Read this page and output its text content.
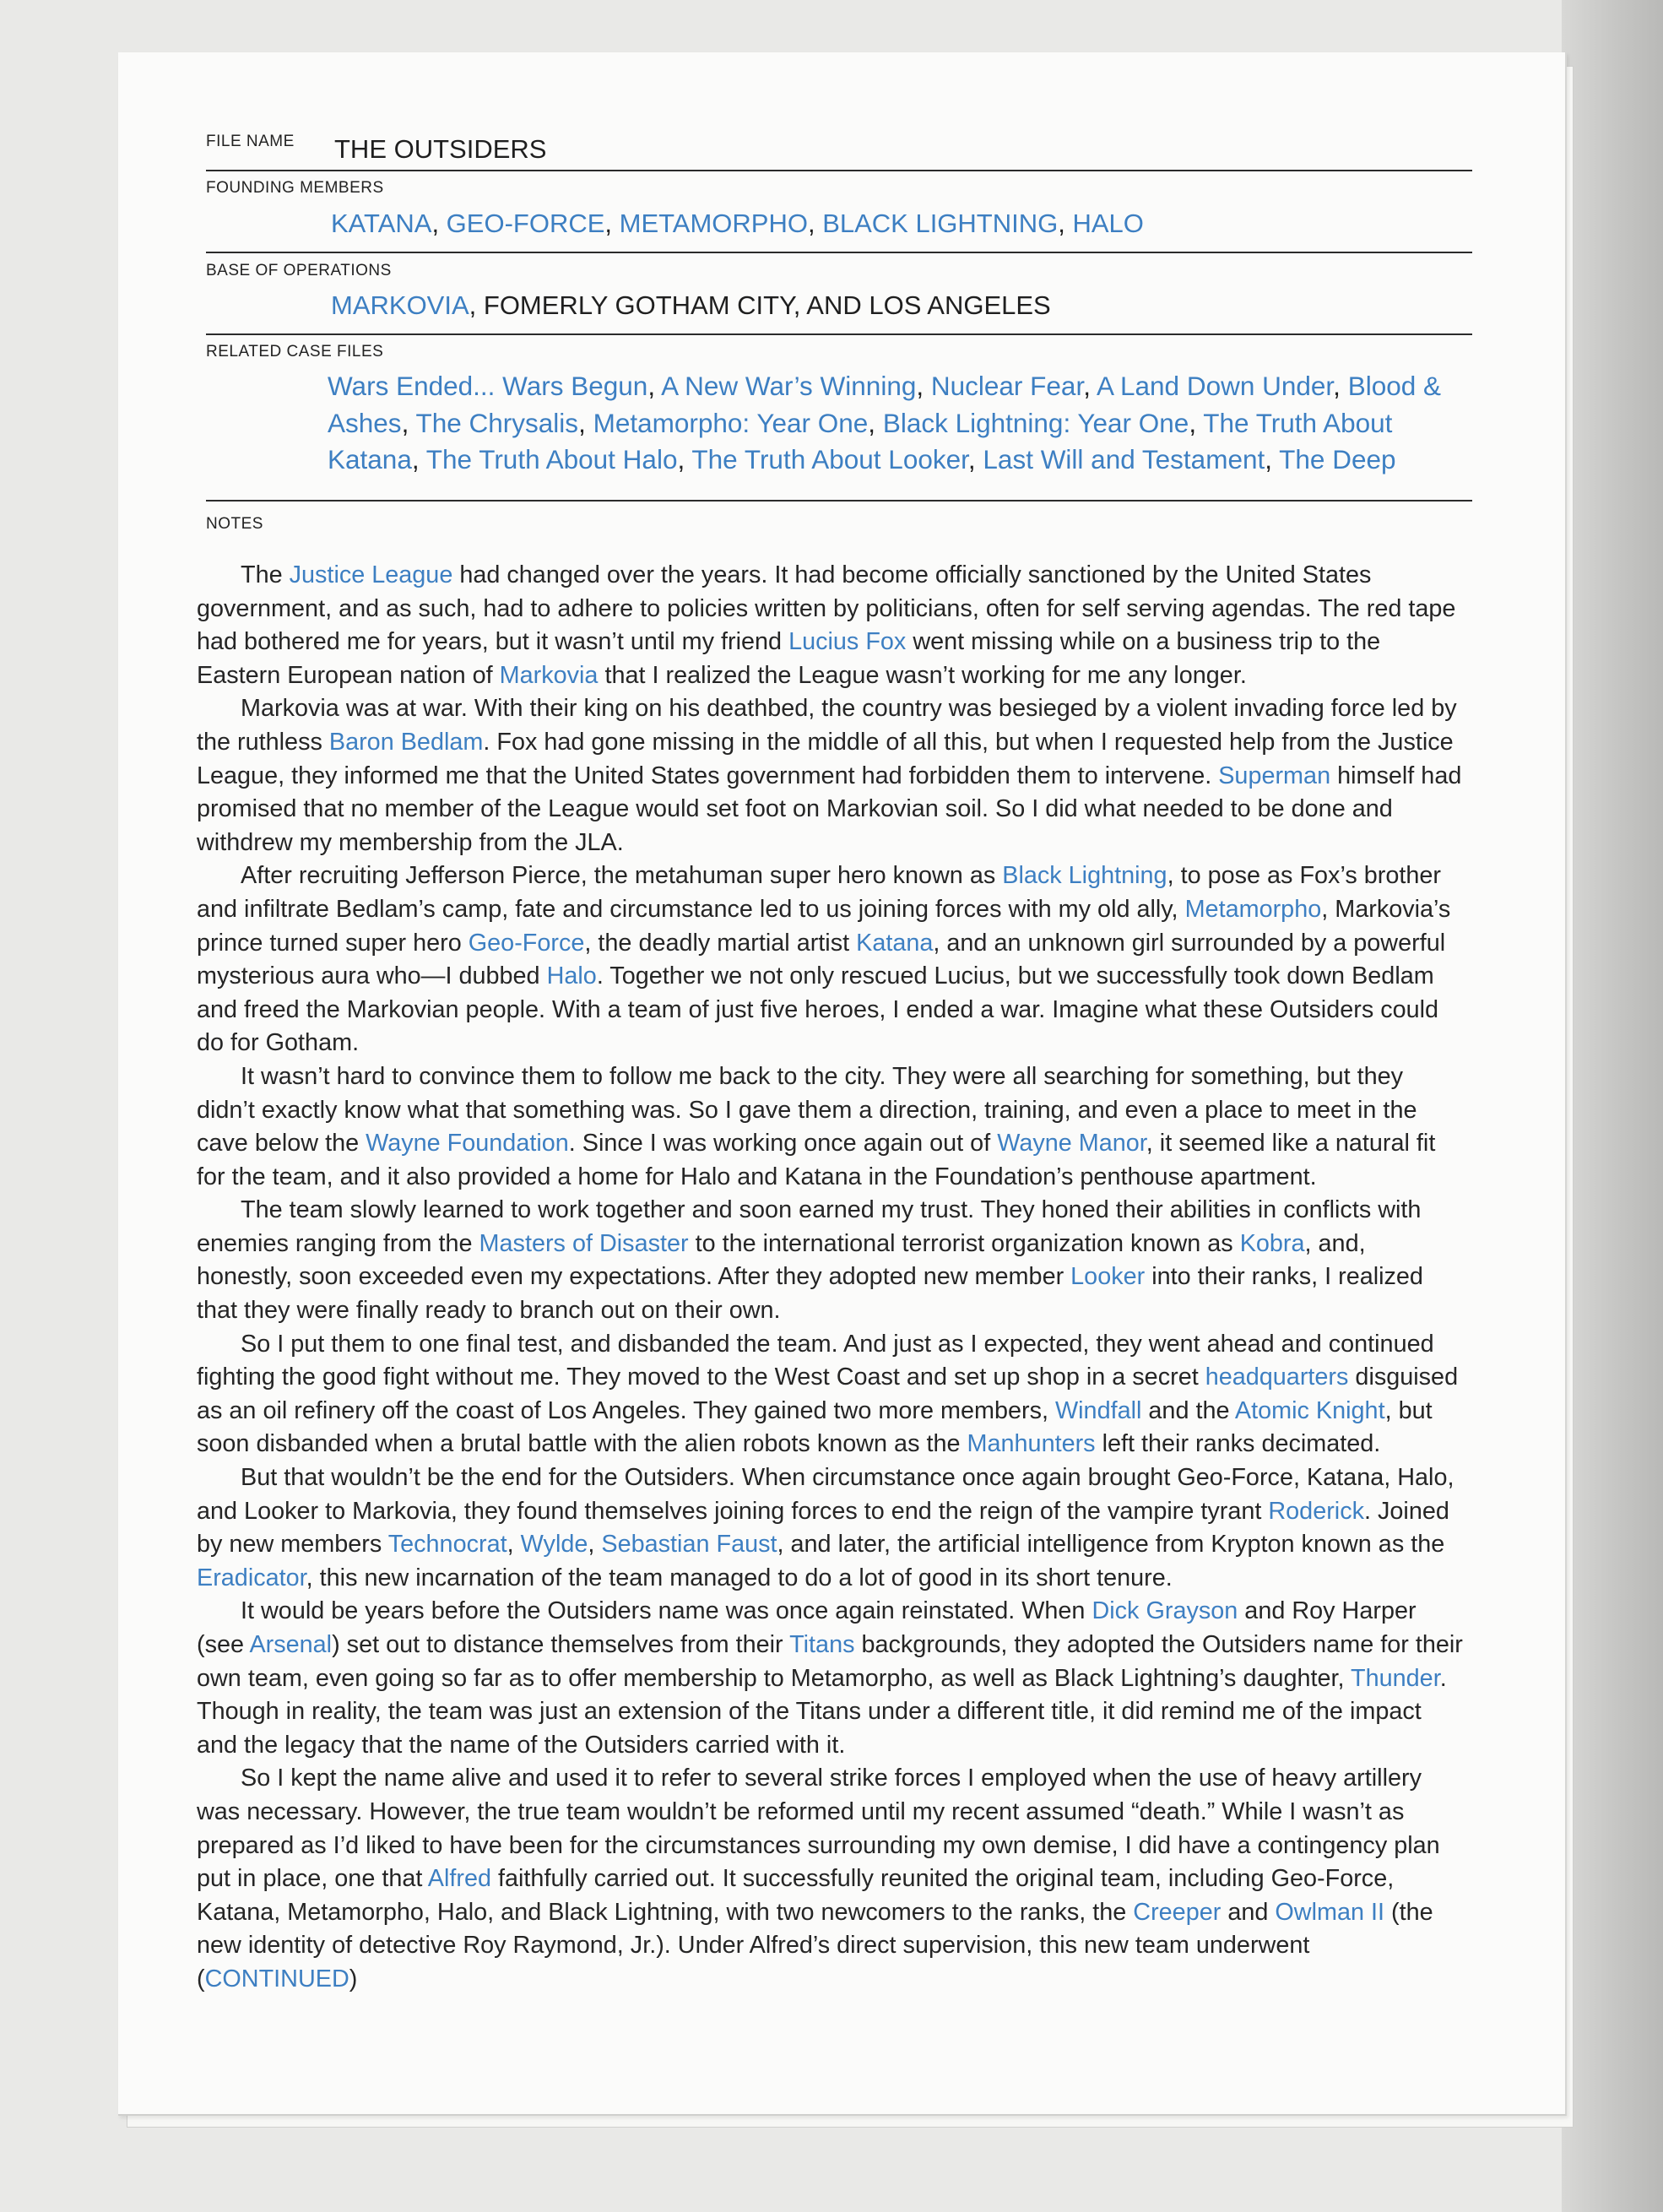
FILE NAME THE OUTSIDERS
FOUNDING MEMBERS
KATANA, GEO-FORCE, METAMORPHO, BLACK LIGHTNING, HALO
BASE OF OPERATIONS
MARKOVIA, FOMERLY GOTHAM CITY, AND LOS ANGELES
RELATED CASE FILES
Wars Ended... Wars Begun, A New War’s Winning, Nuclear Fear, A Land Down Under, Blood & Ashes, The Chrysalis, Metamorpho: Year One, Black Lightning: Year One, The Truth About Katana, The Truth About Halo, The Truth About Looker, Last Will and Testament, The Deep
NOTES

The Justice League had changed over the years. It had become officially sanctioned by the United States government, and as such, had to adhere to policies written by politicians, often for self serving agendas. The red tape had bothered me for years, but it wasn’t until my friend Lucius Fox went missing while on a business trip to the Eastern European nation of Markovia that I realized the League wasn’t working for me any longer.

Markovia was at war. With their king on his deathbed, the country was besieged by a violent invading force led by the ruthless Baron Bedlam. Fox had gone missing in the middle of all this, but when I requested help from the Justice League, they informed me that the United States government had forbidden them to intervene. Superman himself had promised that no member of the League would set foot on Markovian soil. So I did what needed to be done and withdrew my membership from the JLA.

After recruiting Jefferson Pierce, the metahuman super hero known as Black Lightning, to pose as Fox’s brother and infiltrate Bedlam’s camp, fate and circumstance led to us joining forces with my old ally, Metamorpho, Markovia’s prince turned super hero Geo-Force, the deadly martial artist Katana, and an unknown girl surrounded by a powerful mysterious aura who—I dubbed Halo. Together we not only rescued Lucius, but we successfully took down Bedlam and freed the Markovian people. With a team of just five heroes, I ended a war. Imagine what these Outsiders could do for Gotham.

It wasn’t hard to convince them to follow me back to the city. They were all searching for something, but they didn’t exactly know what that something was. So I gave them a direction, training, and even a place to meet in the cave below the Wayne Foundation. Since I was working once again out of Wayne Manor, it seemed like a natural fit for the team, and it also provided a home for Halo and Katana in the Foundation’s penthouse apartment.

The team slowly learned to work together and soon earned my trust. They honed their abilities in conflicts with enemies ranging from the Masters of Disaster to the international terrorist organization known as Kobra, and, honestly, soon exceeded even my expectations. After they adopted new member Looker into their ranks, I realized that they were finally ready to branch out on their own.

So I put them to one final test, and disbanded the team. And just as I expected, they went ahead and continued fighting the good fight without me. They moved to the West Coast and set up shop in a secret headquarters disguised as an oil refinery off the coast of Los Angeles. They gained two more members, Windfall and the Atomic Knight, but soon disbanded when a brutal battle with the alien robots known as the Manhunters left their ranks decimated.

But that wouldn’t be the end for the Outsiders. When circumstance once again brought Geo-Force, Katana, Halo, and Looker to Markovia, they found themselves joining forces to end the reign of the vampire tyrant Roderick. Joined by new members Technocrat, Wylde, Sebastian Faust, and later, the artificial intelligence from Krypton known as the Eradicator, this new incarnation of the team managed to do a lot of good in its short tenure.

It would be years before the Outsiders name was once again reinstated. When Dick Grayson and Roy Harper (see Arsenal) set out to distance themselves from their Titans backgrounds, they adopted the Outsiders name for their own team, even going so far as to offer membership to Metamorpho, as well as Black Lightning’s daughter, Thunder. Though in reality, the team was just an extension of the Titans under a different title, it did remind me of the impact and the legacy that the name of the Outsiders carried with it.

So I kept the name alive and used it to refer to several strike forces I employed when the use of heavy artillery was necessary. However, the true team wouldn’t be reformed until my recent assumed “death.” While I wasn’t as prepared as I’d liked to have been for the circumstances surrounding my own demise, I did have a contingency plan put in place, one that Alfred faithfully carried out. It successfully reunited the original team, including Geo-Force, Katana, Metamorpho, Halo, and Black Lightning, with two newcomers to the ranks, the Creeper and Owlman II (the new identity of detective Roy Raymond, Jr.). Under Alfred’s direct supervision, this new team underwent (CONTINUED)
